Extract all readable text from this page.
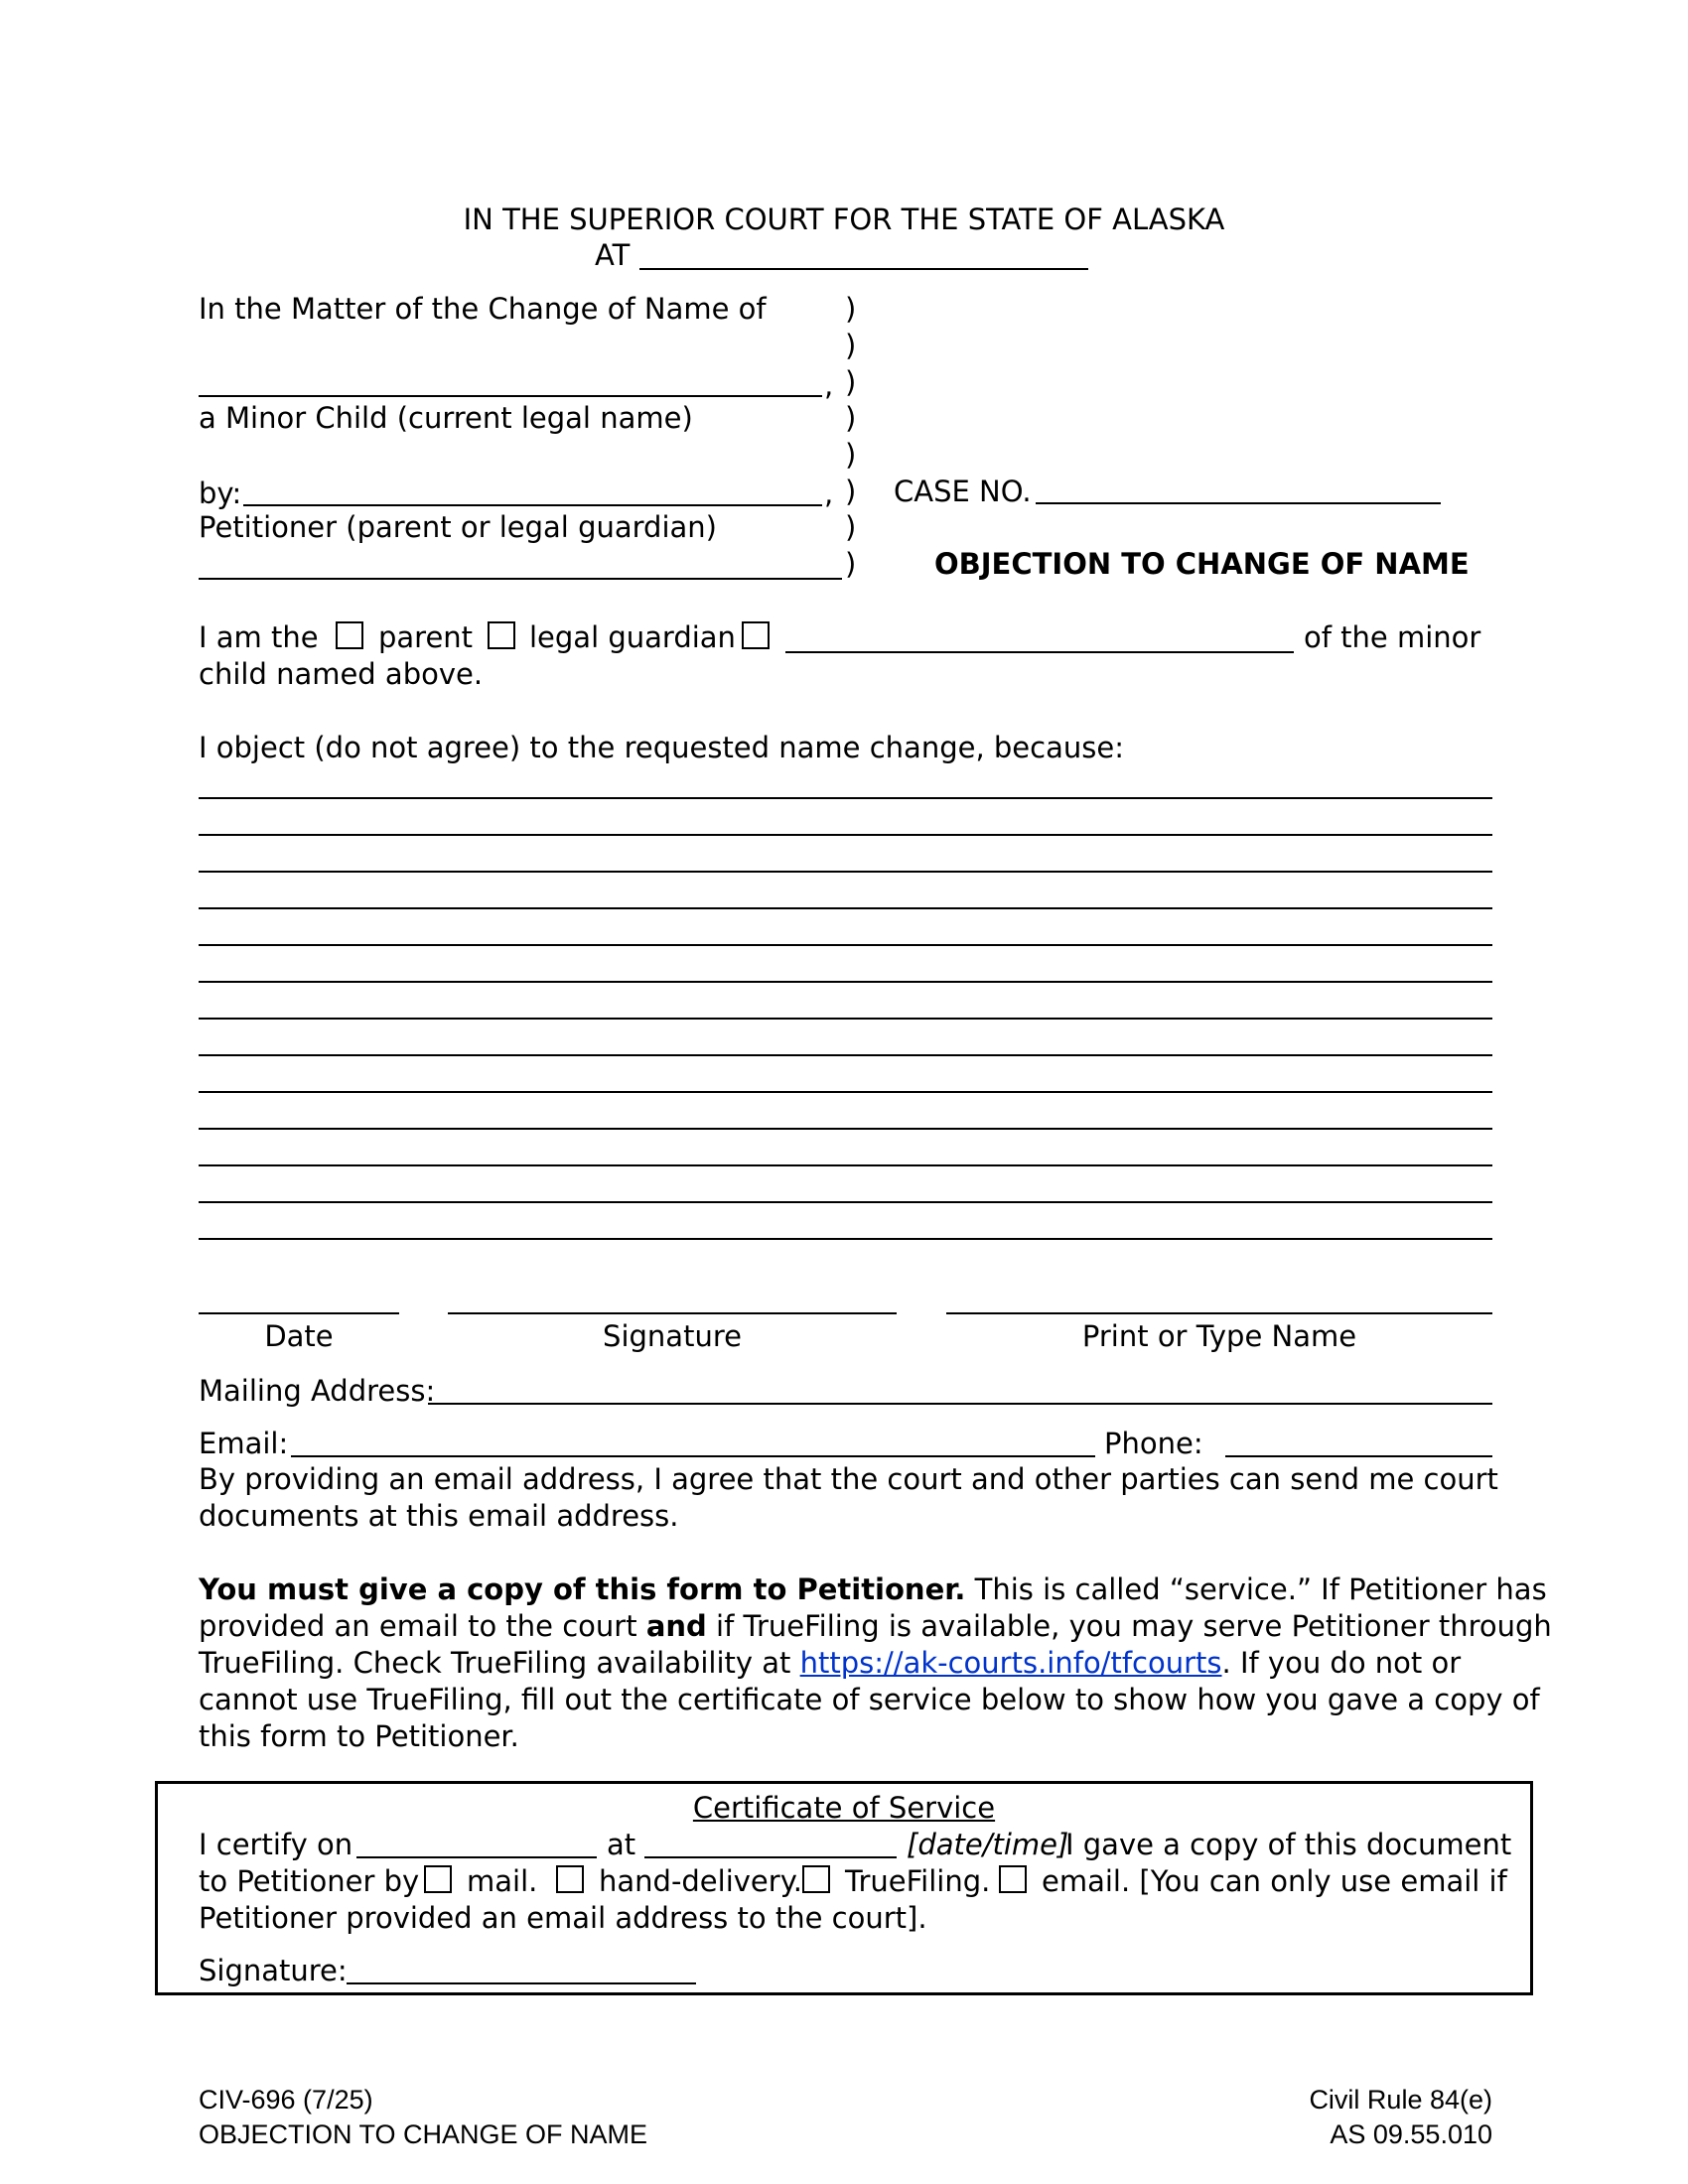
IN THE SUPERIOR COURT FOR THE STATE OF ALASKA
AT
In the Matter of the Change of Name of
,
a Minor Child (current legal name)
by:	,
Petitioner (parent or legal guardian)
)
)
)
)
)
)
)
)
CASE NO.
OBJECTION TO CHANGE OF NAME
I am the parent legal guardian	of the minor
child named above.
I object (do not agree) to the requested name change, because:
Date	Signature	Print or Type Name
Mailing Address:
Email:	Phone:
By providing an email address, I agree that the court and other parties can send me court
documents at this email address.
You must give a copy of this form to Petitioner. This is called “service.” If Petitioner has
provided an email to the court and if TrueFiling is available, you may serve Petitioner through
TrueFiling. Check TrueFiling availability at https://ak-courts.info/tfcourts. If you do not or
cannot use TrueFiling, fill out the certificate of service below to show how you gave a copy of
this form to Petitioner.
Certificate of Service
I certify on	at	[date/time]
I gave a copy of this document
to Petitioner by mail. hand-delivery. TrueFiling. email. [You can only use email if
Petitioner provided an email address to the court].
Signature:
CIV-696 (7/25)
OBJECTION TO CHANGE OF NAME
Civil Rule 84(e)
AS 09.55.010
